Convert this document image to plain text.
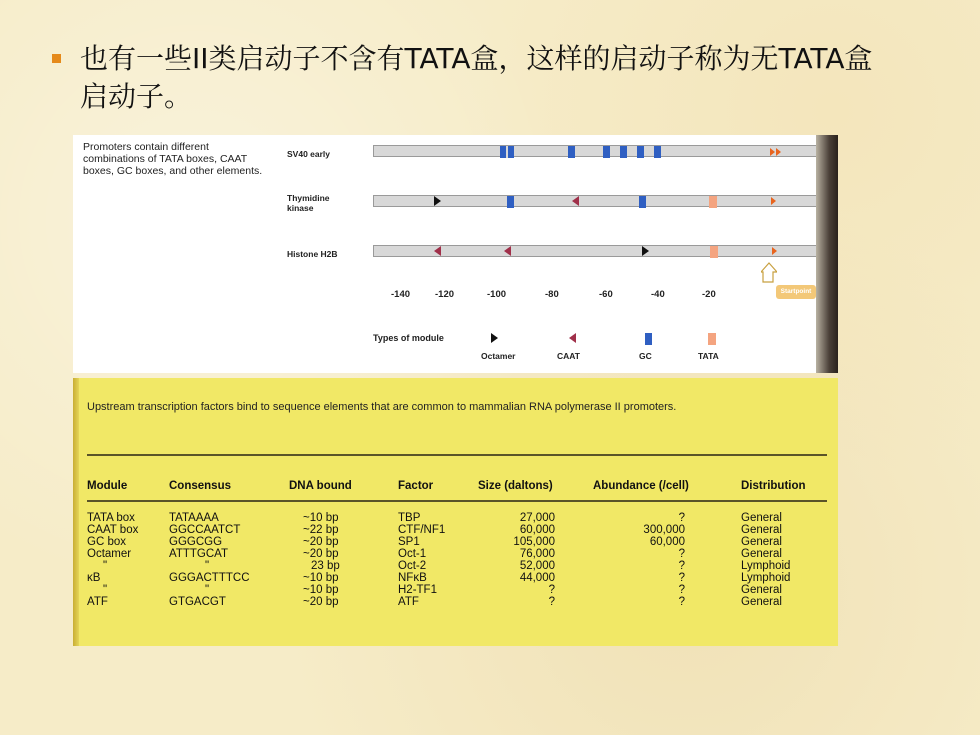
也有一些II类启动子不含有TATA盒，这样的启动子称为无TATA盒启动子。
Promoters contain different combinations of TATA boxes, CAAT boxes, GC boxes, and other elements.
SV40 early
Thymidine kinase
Histone H2B
-140	-120	-100	-80	-60	-40	-20	Startpoint
Types of module
Octamer	CAAT	GC	TATA
Upstream transcription factors bind to sequence elements that are common to mammalian RNA polymerase II promoters.
Module	Consensus	DNA bound	Factor	Size (daltons)	Abundance (/cell)	Distribution
TATA box	TATAAAA	~10 bp	TBP	27,000	?	General
CAAT box	GGCCAATCT	~22 bp	CTF/NF1	60,000	300,000	General
GC box	GGGCGG	~20 bp	SP1	105,000	60,000	General
Octamer	ATTTGCAT	~20 bp	Oct-1	76,000	?	General
"	"	23 bp	Oct-2	52,000	?	Lymphoid
κB	GGGACTTTCC	~10 bp	NFκB	44,000	?	Lymphoid
"	"	~10 bp	H2-TF1	?	?	General
ATF	GTGACGT	~20 bp	ATF	?	?	General
